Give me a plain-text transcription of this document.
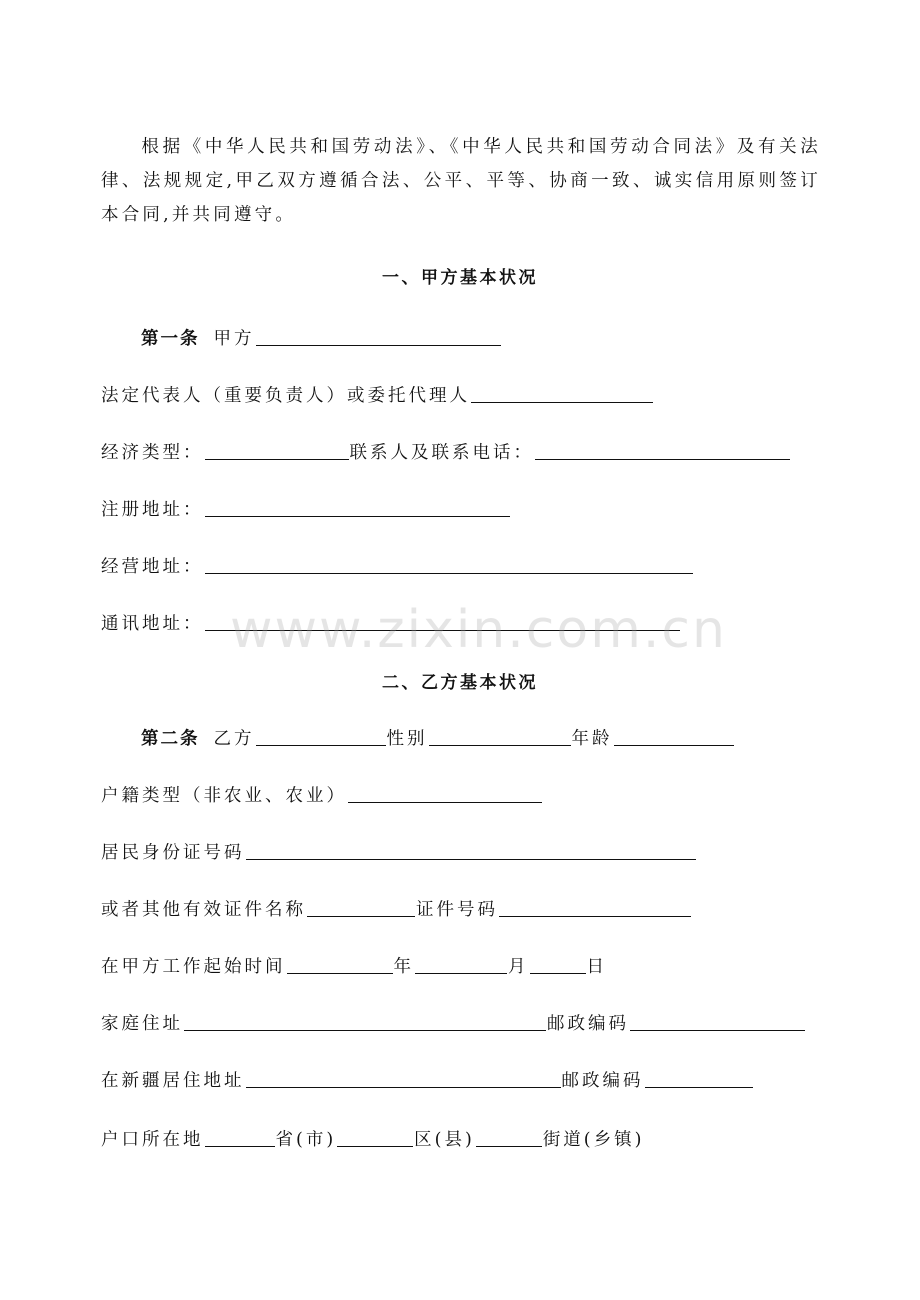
根据《中华人民共和国劳动法》、《中华人民共和国劳动合同法》及有关法律、法规规定,甲乙双方遵循合法、公平、平等、协商一致、诚实信用原则签订本合同,并共同遵守。
一、甲方基本状况
第一条 甲方
法定代表人（重要负责人）或委托代理人
经济类型：	联系人及联系电话：
注册地址：
经营地址：
通讯地址：
二、乙方基本状况
第二条 乙方	性别	年龄
户籍类型（非农业、农业）
居民身份证号码
或者其他有效证件名称	证件号码
在甲方工作起始时间	年	月	日
家庭住址	邮政编码
在新疆居住地址	邮政编码
户口所在地	省(市)	区(县)	街道(乡镇)
www.zixin.com.cn
